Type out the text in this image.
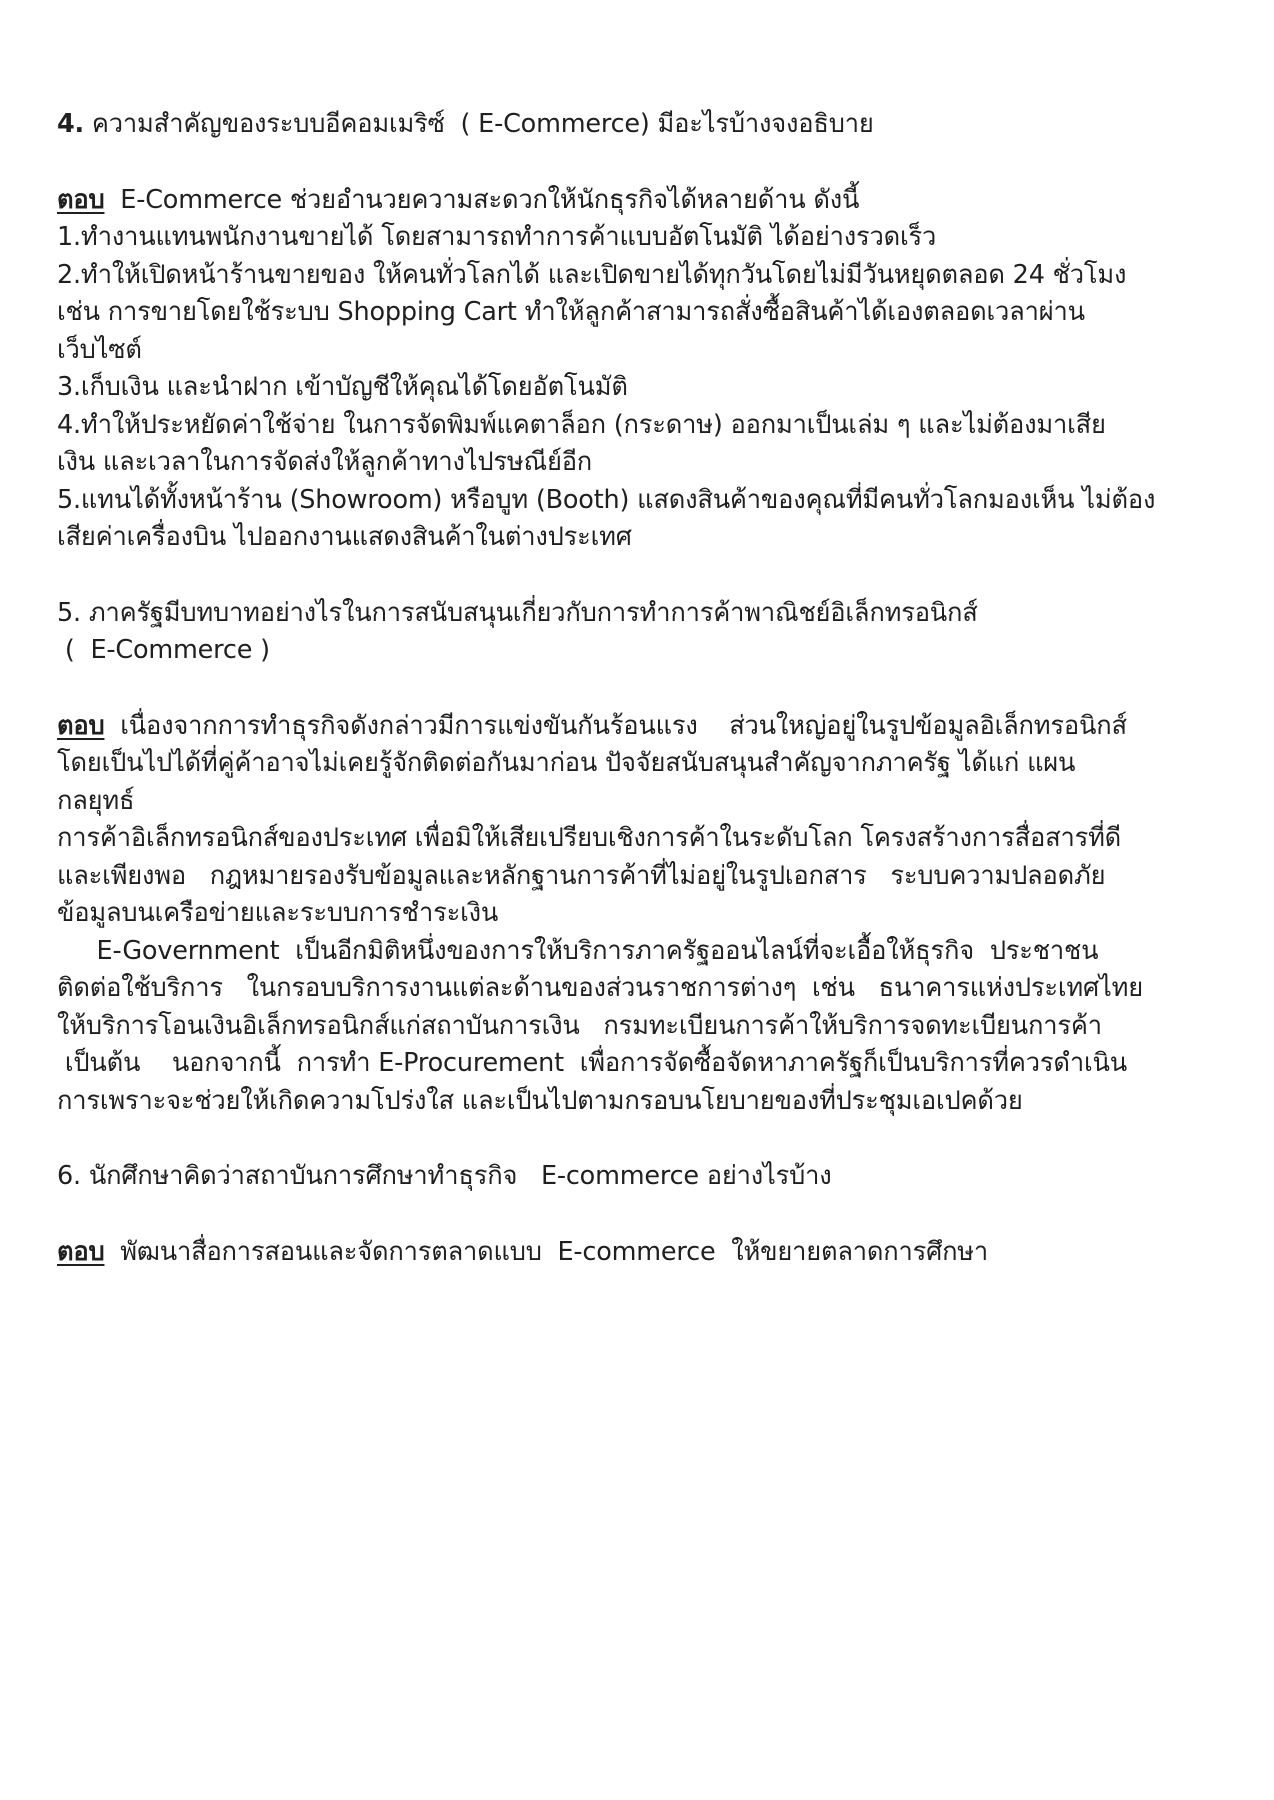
4. ความสำคัญของระบบอีคอมเมริซ์  ( E-Commerce) มีอะไรบ้างจงอธิบาย

ตอบ  E-Commerce ช่วยอำนวยความสะดวกให้นักธุรกิจได้หลายด้าน ดังนี้

1.ทำงานแทนพนักงานขายได้ โดยสามารถทำการค้าแบบอัตโนมัติ ได้อย่างรวดเร็ว

2.ทำให้เปิดหน้าร้านขายของ ให้คนทั่วโลกได้ และเปิดขายได้ทุกวันโดยไม่มีวันหยุดตลอด 24 ชั่วโมง

เช่น การขายโดยใช้ระบบ Shopping Cart ทำให้ลูกค้าสามารถสั่งซื้อสินค้าได้เองตลอดเวลาผ่าน

เว็บไซต์

3.เก็บเงิน และนำฝาก เข้าบัญชีให้คุณได้โดยอัตโนมัติ

4.ทำให้ประหยัดค่าใช้จ่าย ในการจัดพิมพ์แคตาล็อก (กระดาษ) ออกมาเป็นเล่ม ๆ และไม่ต้องมาเสีย

เงิน และเวลาในการจัดส่งให้ลูกค้าทางไปรษณีย์อีก

5.แทนได้ทั้งหน้าร้าน (Showroom) หรือบูท (Booth) แสดงสินค้าของคุณที่มีคนทั่วโลกมองเห็น ไม่ต้อง

เสียค่าเครื่องบิน ไปออกงานแสดงสินค้าในต่างประเทศ

5. ภาครัฐมีบทบาทอย่างไรในการสนับสนุนเกี่ยวกับการทำการค้าพาณิชย์อิเล็กทรอนิกส์

(  E-Commerce )

ตอบ  เนื่องจากการทำธุรกิจดังกล่าวมีการแข่งขันกันร้อนแรง    ส่วนใหญ่อยู่ในรูปข้อมูลอิเล็กทรอนิกส์

โดยเป็นไปได้ที่คู่ค้าอาจไม่เคยรู้จักติดต่อกันมาก่อน ปัจจัยสนับสนุนสำคัญจากภาครัฐ ได้แก่ แผน

กลยุทธ์

การค้าอิเล็กทรอนิกส์ของประเทศ เพื่อมิให้เสียเปรียบเชิงการค้าในระดับโลก โครงสร้างการสื่อสารที่ดี

และเพียงพอ   กฎหมายรองรับข้อมูลและหลักฐานการค้าที่ไม่อยู่ในรูปเอกสาร   ระบบความปลอดภัย

ข้อมูลบนเครือข่ายและระบบการชำระเงิน

E-Government  เป็นอีกมิติหนึ่งของการให้บริการภาครัฐออนไลน์ที่จะเอื้อให้ธุรกิจ  ประชาชน

ติดต่อใช้บริการ   ในกรอบบริการงานแต่ละด้านของส่วนราชการต่างๆ  เช่น   ธนาคารแห่งประเทศไทย

ให้บริการโอนเงินอิเล็กทรอนิกส์แก่สถาบันการเงิน   กรมทะเบียนการค้าให้บริการจดทะเบียนการค้า

เป็นต้น    นอกจากนี้  การทำ E-Procurement  เพื่อการจัดซื้อจัดหาภาครัฐก็เป็นบริการที่ควรดำเนิน

การเพราะจะช่วยให้เกิดความโปร่งใส และเป็นไปตามกรอบนโยบายของที่ประชุมเอเปคด้วย

6. นักศึกษาคิดว่าสถาบันการศึกษาทำธุรกิจ   E-commerce อย่างไรบ้าง

ตอบ  พัฒนาสื่อการสอนและจัดการตลาดแบบ  E-commerce  ให้ขยายตลาดการศึกษา
